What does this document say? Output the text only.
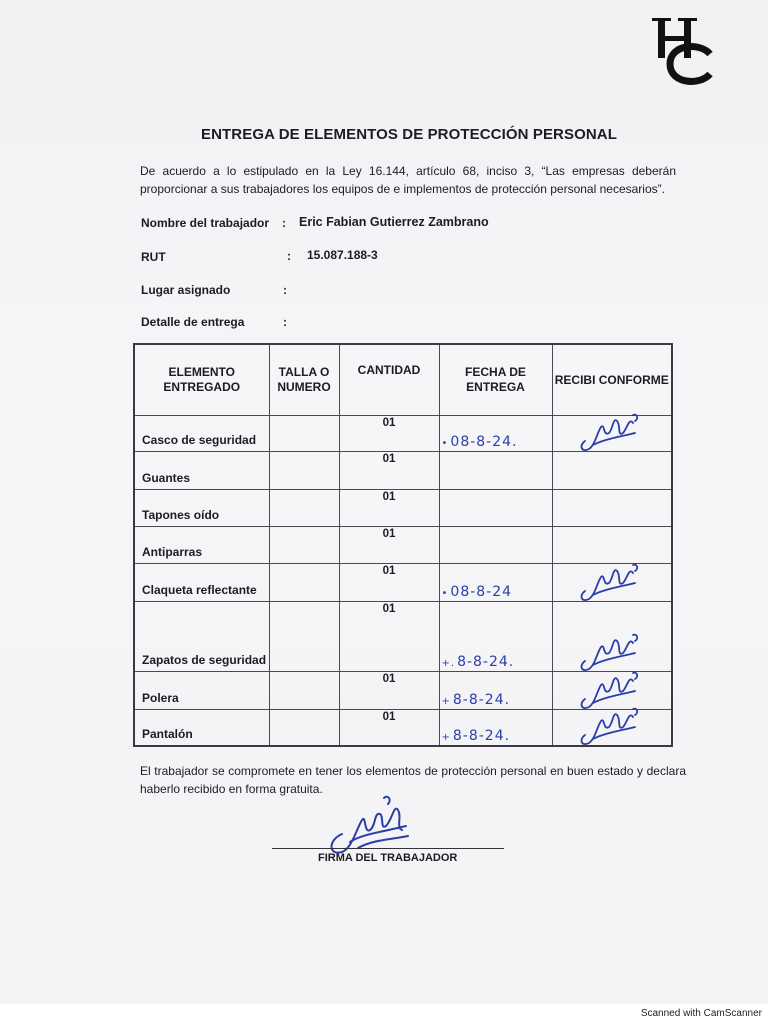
ENTREGA DE ELEMENTOS DE PROTECCIÓN PERSONAL
De acuerdo a lo estipulado en la Ley 16.144, artículo 68, inciso 3, “Las empresas deberán proporcionar a sus trabajadores los equipos de e implementos de protección personal necesarios”.
Nombre del trabajador : Eric Fabian Gutierrez Zambrano
RUT	: 15.087.188-3
Lugar asignado	:
Detalle de entrega	:
ELEMENTO ENTREGADO	TALLA O NUMERO	CANTIDAD	FECHA DE ENTREGA	RECIBI CONFORME

Casco de seguridad		01	• 08-8-24.

Guantes		01		

Tapones oído		01		

Antiparras		01		

Claqueta reflectante		01	• 08-8-24

Zapatos de seguridad		01	+. 8-8-24.

Polera		01	+ 8-8-24.

Pantalón		01	+ 8-8-24.

El trabajador se compromete en tener los elementos de protección personal en buen estado y declara haberlo recibido en forma gratuita.
FIRMA DEL TRABAJADOR
Scanned with CamScanner
